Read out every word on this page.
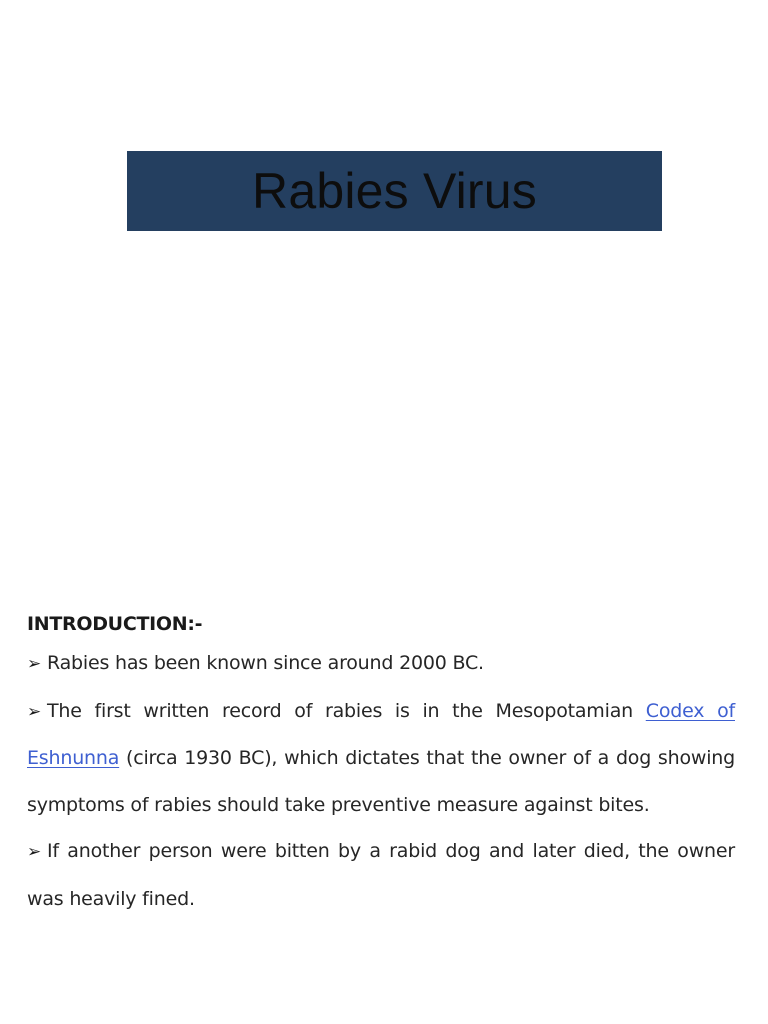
Rabies Virus
INTRODUCTION:-
➢ Rabies has been known since around 2000 BC.
➢ The first written record of rabies is in the Mesopotamian Codex of Eshnunna (circa 1930 BC), which dictates that the owner of a dog showing symptoms of rabies should take preventive measure against bites.
➢ If another person were bitten by a rabid dog and later died, the owner was heavily fined.
